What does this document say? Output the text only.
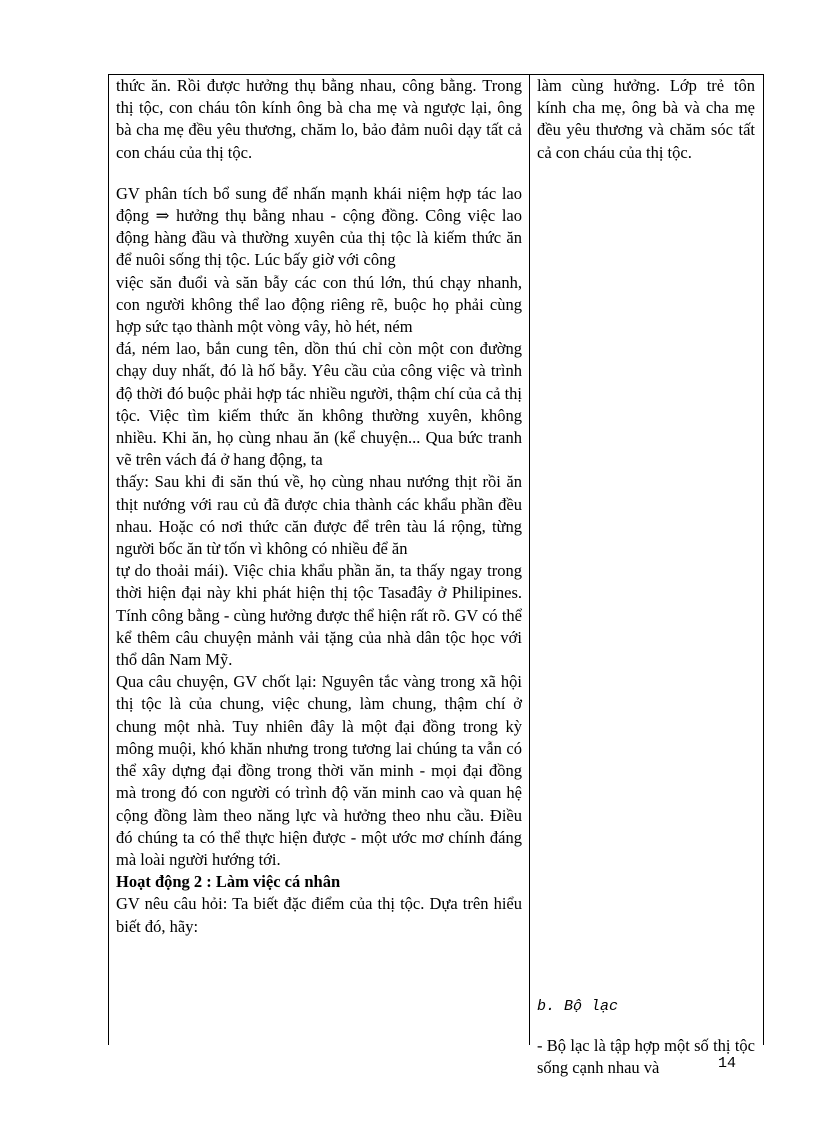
thức ăn. Rồi được hưởng thụ bằng nhau, công bằng. Trong thị tộc, con cháu tôn kính ông bà cha mẹ và ngược lại, ông bà cha mẹ đều yêu thương, chăm lo, bảo đảm nuôi dạy tất cả con cháu của thị tộc.

GV phân tích bổ sung để nhấn mạnh khái niệm hợp tác lao động ⇒ hưởng thụ bằng nhau - cộng đồng. Công việc lao động hàng đầu và thường xuyên của thị tộc là kiếm thức ăn để nuôi sống thị tộc. Lúc bấy giờ với công

việc săn đuổi và săn bẫy các con thú lớn, thú chạy nhanh, con người không thể lao động riêng rẽ, buộc họ phải cùng hợp sức tạo thành một vòng vây, hò hét, ném

đá, ném lao, bắn cung tên, dồn thú chỉ còn một con đường chạy duy nhất, đó là hố bẫy. Yêu cầu của công việc và trình độ thời đó buộc phải hợp tác nhiều người, thậm chí của cả thị tộc. Việc tìm kiếm thức ăn không thường xuyên, không nhiều. Khi ăn, họ cùng nhau ăn (kể chuyện... Qua bức tranh vẽ trên vách đá ở hang động, ta

thấy: Sau khi đi săn thú về, họ cùng nhau nướng thịt rồi ăn thịt nướng với rau củ đã được chia thành các khẩu phần đều nhau. Hoặc có nơi thức căn được để trên tàu lá rộng, từng người bốc ăn từ tốn vì không có nhiều để ăn

tự do thoải mái). Việc chia khẩu phần ăn, ta thấy ngay trong thời hiện đại này khi phát hiện thị tộc Tasađây ở Philipines. Tính công bằng - cùng hưởng được thể hiện rất rõ. GV có thể kể thêm câu chuyện mảnh vải tặng của nhà dân tộc học với thổ dân Nam Mỹ.

Qua câu chuyện, GV chốt lại: Nguyên tắc vàng trong xã hội thị tộc là của chung, việc chung, làm chung, thậm chí ở chung một nhà. Tuy nhiên đây là một đại đồng trong kỳ mông muội, khó khăn nhưng trong tương lai chúng ta vẫn có thể xây dựng đại đồng trong thời văn minh - mọi đại đồng mà trong đó con người có trình độ văn minh cao và quan hệ cộng đồng làm theo năng lực và hưởng theo nhu cầu. Điều đó chúng ta có thể thực hiện được - một ước mơ chính đáng mà loài người hướng tới.

Hoạt động 2 : Làm việc cá nhân

GV nêu câu hỏi: Ta biết đặc điểm của thị tộc. Dựa trên hiểu biết đó, hãy:

làm cùng hưởng. Lớp trẻ tôn kính cha mẹ, ông bà và cha mẹ đều yêu thương và chăm sóc tất cả con cháu của thị tộc.

b. Bộ lạc

- Bộ lạc là tập hợp một số thị tộc sống cạnh nhau và	14
